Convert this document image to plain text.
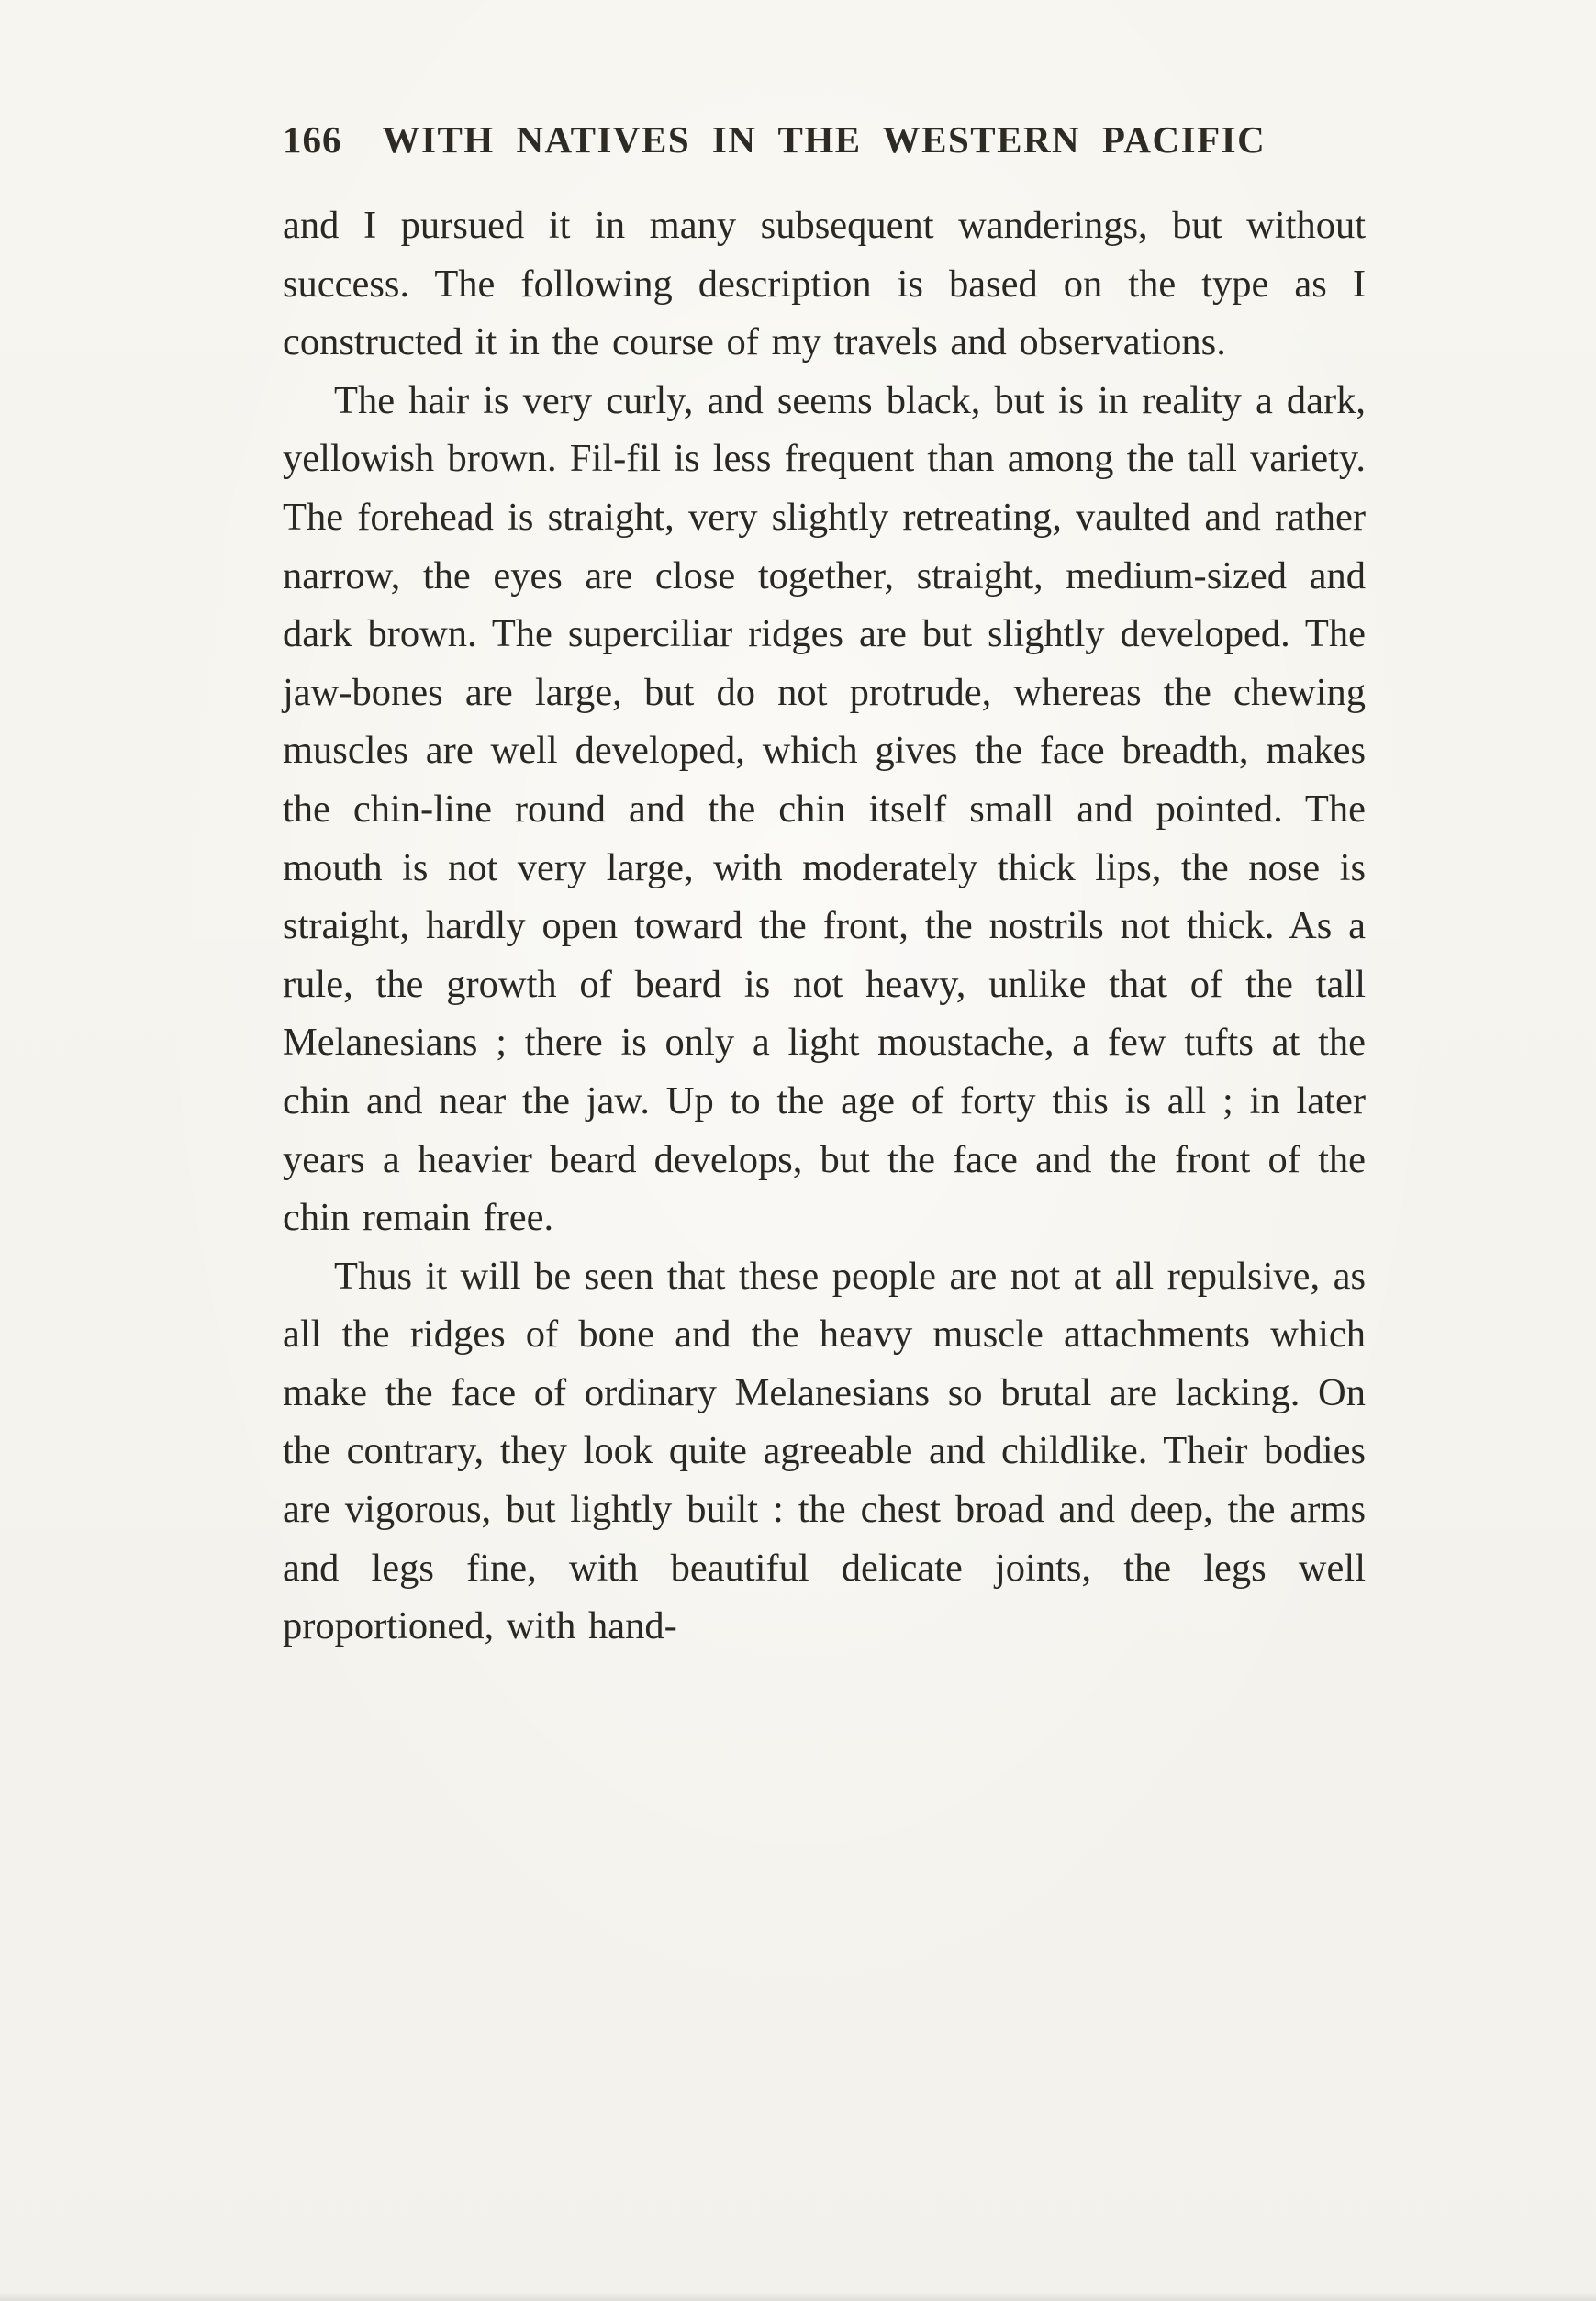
166 WITH NATIVES IN THE WESTERN PACIFIC

and I pursued it in many subsequent wanderings, but without success. The following description is based on the type as I constructed it in the course of my travels and observations.

The hair is very curly, and seems black, but is in reality a dark, yellowish brown. Fil-fil is less frequent than among the tall variety. The forehead is straight, very slightly retreating, vaulted and rather narrow, the eyes are close together, straight, medium-sized and dark brown. The superciliar ridges are but slightly developed. The jaw-bones are large, but do not protrude, whereas the chewing muscles are well developed, which gives the face breadth, makes the chin-line round and the chin itself small and pointed. The mouth is not very large, with moderately thick lips, the nose is straight, hardly open toward the front, the nostrils not thick. As a rule, the growth of beard is not heavy, unlike that of the tall Melanesians ; there is only a light moustache, a few tufts at the chin and near the jaw. Up to the age of forty this is all ; in later years a heavier beard develops, but the face and the front of the chin remain free.

Thus it will be seen that these people are not at all repulsive, as all the ridges of bone and the heavy muscle attachments which make the face of ordinary Melanesians so brutal are lacking. On the contrary, they look quite agreeable and childlike. Their bodies are vigorous, but lightly built : the chest broad and deep, the arms and legs fine, with beautiful delicate joints, the legs well proportioned, with hand-
